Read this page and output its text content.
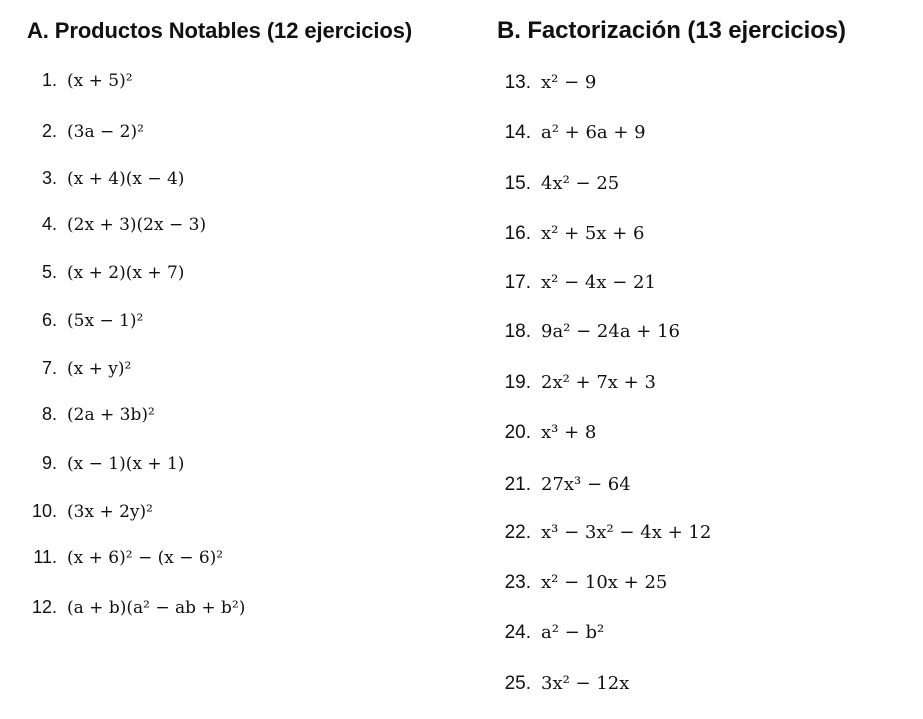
A. Productos Notables (12 ejercicios)
1. (x + 5)²
2. (3a − 2)²
3. (x + 4)(x − 4)
4. (2x + 3)(2x − 3)
5. (x + 2)(x + 7)
6. (5x − 1)²
7. (x + y)²
8. (2a + 3b)²
9. (x − 1)(x + 1)
10. (3x + 2y)²
11. (x + 6)² − (x − 6)²
12. (a + b)(a² − ab + b²)
B. Factorización (13 ejercicios)
13. x² − 9
14. a² + 6a + 9
15. 4x² − 25
16. x² + 5x + 6
17. x² − 4x − 21
18. 9a² − 24a + 16
19. 2x² + 7x + 3
20. x³ + 8
21. 27x³ − 64
22. x³ − 3x² − 4x + 12
23. x² − 10x + 25
24. a² − b²
25. 3x² − 12x
